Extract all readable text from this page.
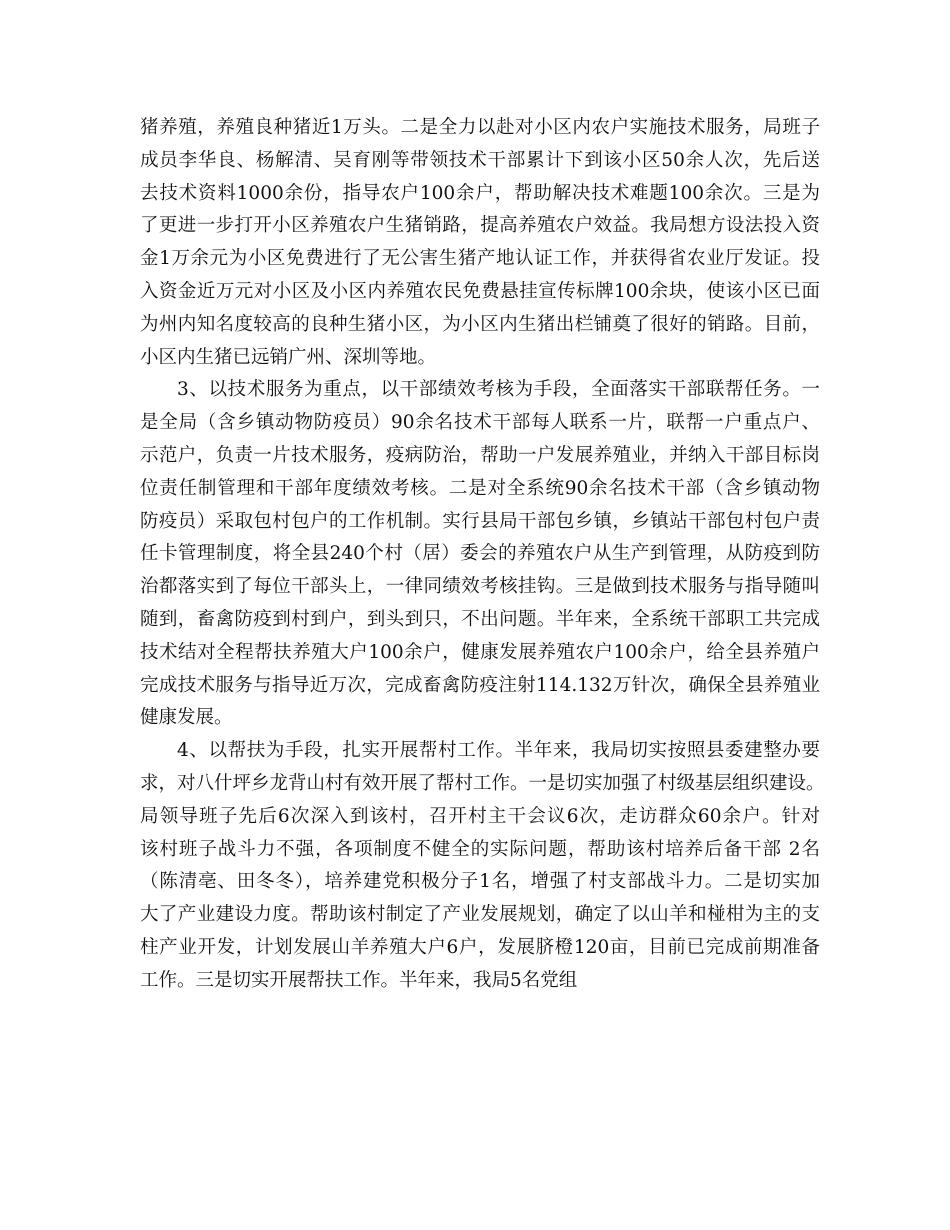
猪养殖，养殖良种猪近1万头。二是全力以赴对小区内农户实施技术服务，局班子
成员李华良、杨解清、吴育刚等带领技术干部累计下到该小区50余人次，先后送
去技术资料1000余份，指导农户100余户，帮助解决技术难题100余次。三是为
了更进一步打开小区养殖农户生猪销路，提高养殖农户效益。我局想方设法投入资
金1万余元为小区免费进行了无公害生猪产地认证工作，并获得省农业厅发证。投
入资金近万元对小区及小区内养殖农民免费悬挂宣传标牌100余块，使该小区已面
为州内知名度较高的良种生猪小区，为小区内生猪出栏铺奠了很好的销路。目前，
小区内生猪已远销广州、深圳等地。
3、以技术服务为重点，以干部绩效考核为手段，全面落实干部联帮任务。一
是全局（含乡镇动物防疫员）90余名技术干部每人联系一片，联帮一户重点户、
示范户，负责一片技术服务，疫病防治，帮助一户发展养殖业，并纳入干部目标岗
位责任制管理和干部年度绩效考核。二是对全系统90余名技术干部（含乡镇动物
防疫员）采取包村包户的工作机制。实行县局干部包乡镇，乡镇站干部包村包户责
任卡管理制度，将全县240个村（居）委会的养殖农户从生产到管理，从防疫到防
治都落实到了每位干部头上，一律同绩效考核挂钩。三是做到技术服务与指导随叫
随到，畜禽防疫到村到户，到头到只，不出问题。半年来，全系统干部职工共完成
技术结对全程帮扶养殖大户100余户，健康发展养殖农户100余户，给全县养殖户
完成技术服务与指导近万次，完成畜禽防疫注射114.132万针次，确保全县养殖业
健康发展。
4、以帮扶为手段，扎实开展帮村工作。半年来，我局切实按照县委建整办要
求，对八什坪乡龙背山村有效开展了帮村工作。一是切实加强了村级基层组织建设。
局领导班子先后6次深入到该村，召开村主干会议6次，走访群众60余户。针对
该村班子战斗力不强，各项制度不健全的实际问题，帮助该村培养后备干部 2名
（陈清亳、田冬冬），培养建党积极分子1名，增强了村支部战斗力。二是切实加
大了产业建设力度。帮助该村制定了产业发展规划，确定了以山羊和椪柑为主的支
柱产业开发，计划发展山羊养殖大户6户，发展脐橙120亩，目前已完成前期准备
工作。三是切实开展帮扶工作。半年来，我局5名党组
